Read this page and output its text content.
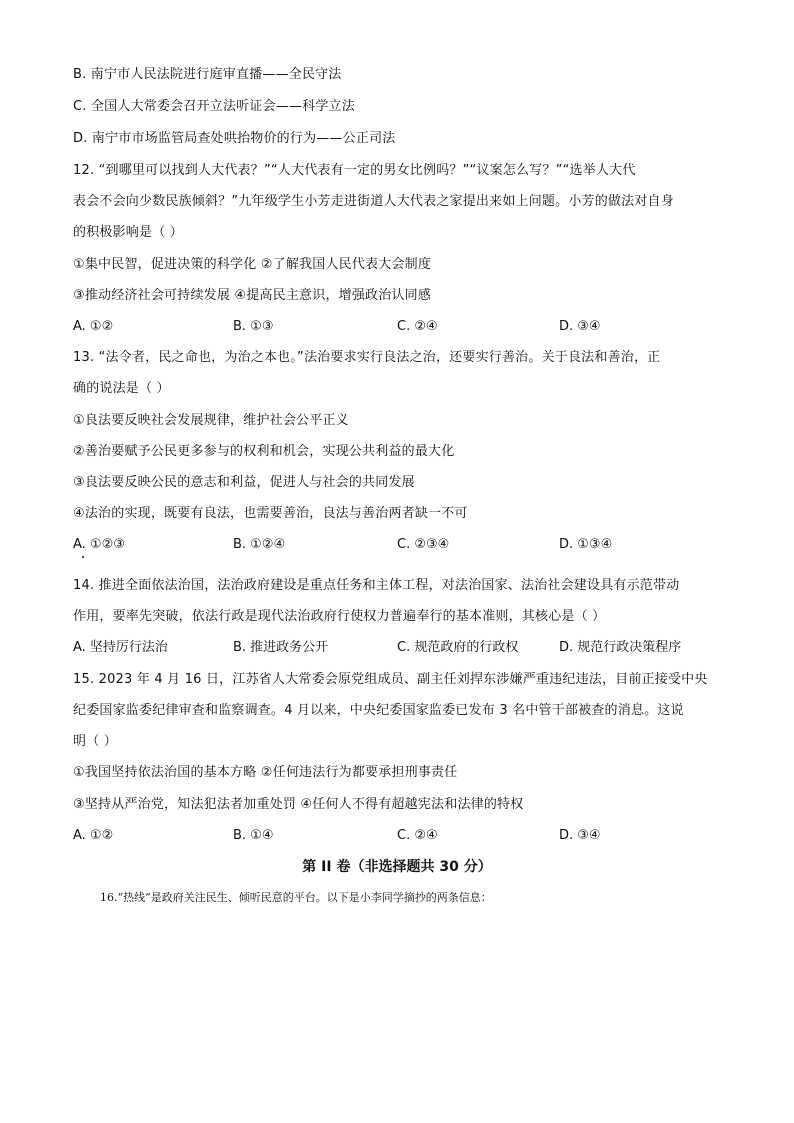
B. 南宁市人民法院进行庭审直播——全民守法
C. 全国人大常委会召开立法听证会——科学立法
D. 南宁市市场监管局查处哄抬物价的行为——公正司法
12. “到哪里可以找到人大代表？”“人大代表有一定的男女比例吗？”“议案怎么写？”“选举人大代
表会不会向少数民族倾斜？”九年级学生小芳走进街道人大代表之家提出来如上问题。小芳的做法对自身
的积极影响是（ ）
①集中民智，促进决策的科学化 ②了解我国人民代表大会制度
③推动经济社会可持续发展 ④提高民主意识，增强政治认同感
A. ①②	B. ①③	C. ②④	D. ③④
13. “法令者，民之命也，为治之本也。”法治要求实行良法之治，还要实行善治。关于良法和善治，正
确的说法是（ ）
①良法要反映社会发展规律，维护社会公平正义
②善治要赋予公民更多参与的权利和机会，实现公共利益的最大化
③良法要反映公民的意志和利益，促进人与社会的共同发展
④法治的实现，既要有良法，也需要善治，良法与善治两者缺一不可
A. ①②③	B. ①②④	C. ②③④	D. ①③④
14. 推进全面依法治国，法治政府建设是重点任务和主体工程，对法治国家、法治社会建设具有示范带动
作用，要率先突破，依法行政是现代法治政府行使权力普遍奉行的基本准则，其核心是（ ）
A. 坚持厉行法治	B. 推进政务公开	C. 规范政府的行政权	D. 规范行政决策程序
15. 2023 年 4 月 16 日，江苏省人大常委会原党组成员、副主任刘捍东涉嫌严重违纪违法，目前正接受中央
纪委国家监委纪律审查和监察调查。4 月以来，中央纪委国家监委已发布 3 名中管干部被查的消息。这说
明（ ）
①我国坚持依法治国的基本方略 ②任何违法行为都要承担刑事责任
③坚持从严治党，知法犯法者加重处罚 ④任何人不得有超越宪法和法律的特权
A. ①②	B. ①④	C. ②④	D. ③④
第 II 卷（非选择题共 30 分）
16.“热线”是政府关注民生、倾听民意的平台。以下是小李同学摘抄的两条信息：
